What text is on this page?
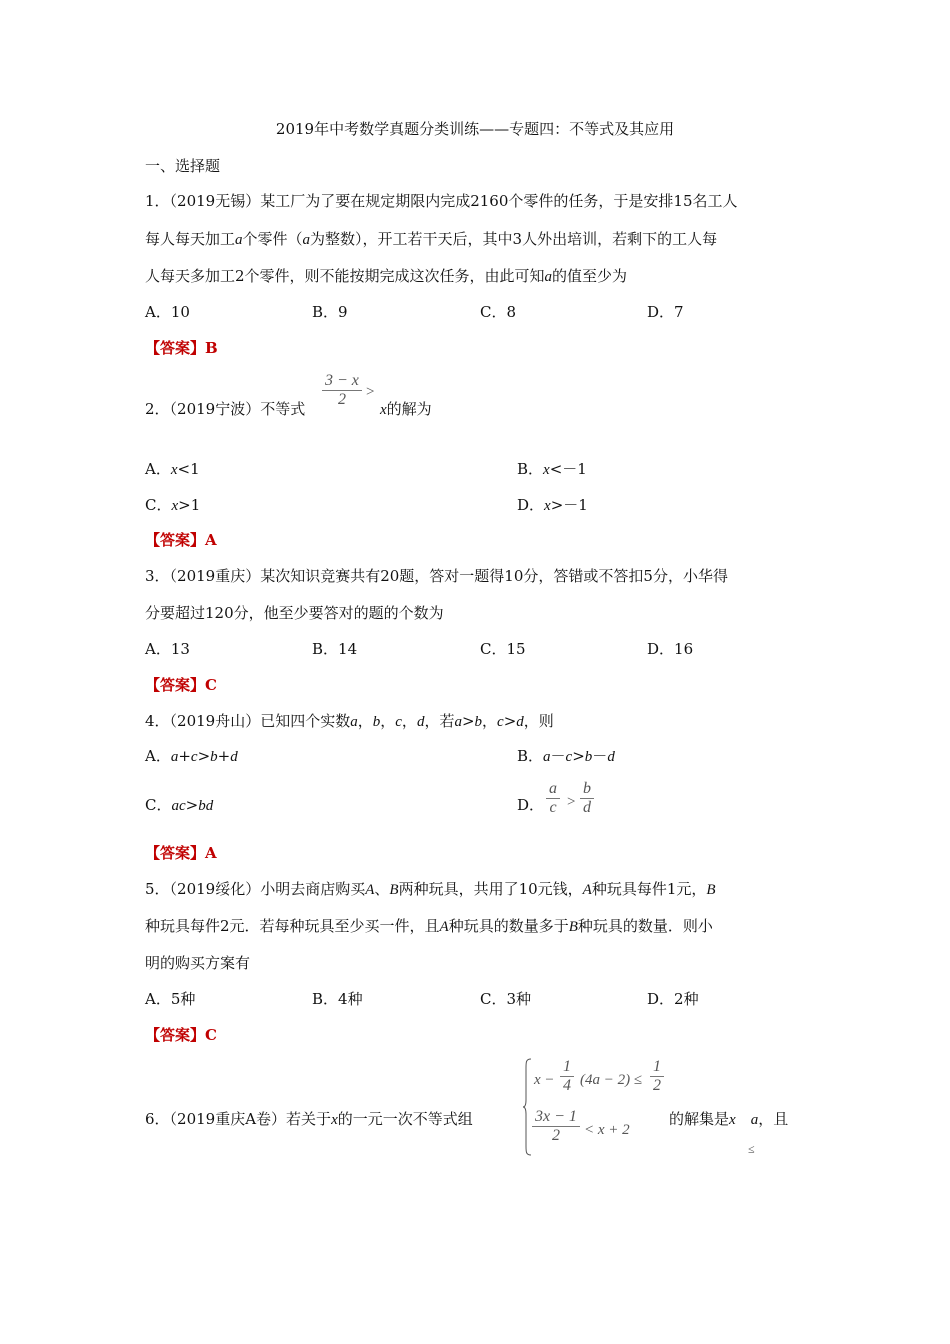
2019年中考数学真题分类训练——专题四：不等式及其应用
一、选择题
1．（2019无锡）某工厂为了要在规定期限内完成2160个零件的任务，于是安排15名工人
每人每天加工a个零件（a为整数），开工若干天后，其中3人外出培训，若剩下的工人每
人每天多加工2个零件，则不能按期完成这次任务，由此可知a的值至少为
A．10	B．9	C．8	D．7
【答案】B
2．（2019宁波）不等式 $\frac{3 - x}{2}$ >
x的解为
A．x<1	B．x<－1
C．x>1	D．x>－1
【答案】A
3．（2019重庆）某次知识竞赛共有20题，答对一题得10分，答错或不答扣5分，小华得
分要超过120分，他至少要答对的题的个数为
A．13	B．14	C．15	D．16
【答案】C
4．（2019舟山）已知四个实数a，b，c，d，若a>b，c>d，则
A．a+c>b+d	B．a－c>b－d
C．ac>bd	D． $\frac{a}{c} > \frac{b}{d}$
【答案】A
5．（2019绥化）小明去商店购买A、B两种玩具，共用了10元钱，A种玩具每件1元，B
种玩具每件2元．若每种玩具至少买一件，且A种玩具的数量多于B种玩具的数量．则小
明的购买方案有
A．5种	B．4种	C．3种	D．2种
【答案】C
6．（2019重庆A卷）若关于x的一元一次不等式组
$x - \frac{1}{4} (4a - 2) \le \frac{1}{2}$
$\frac{3x - 1}{2} < x + 2$
的解集是x　 a，且
≤
